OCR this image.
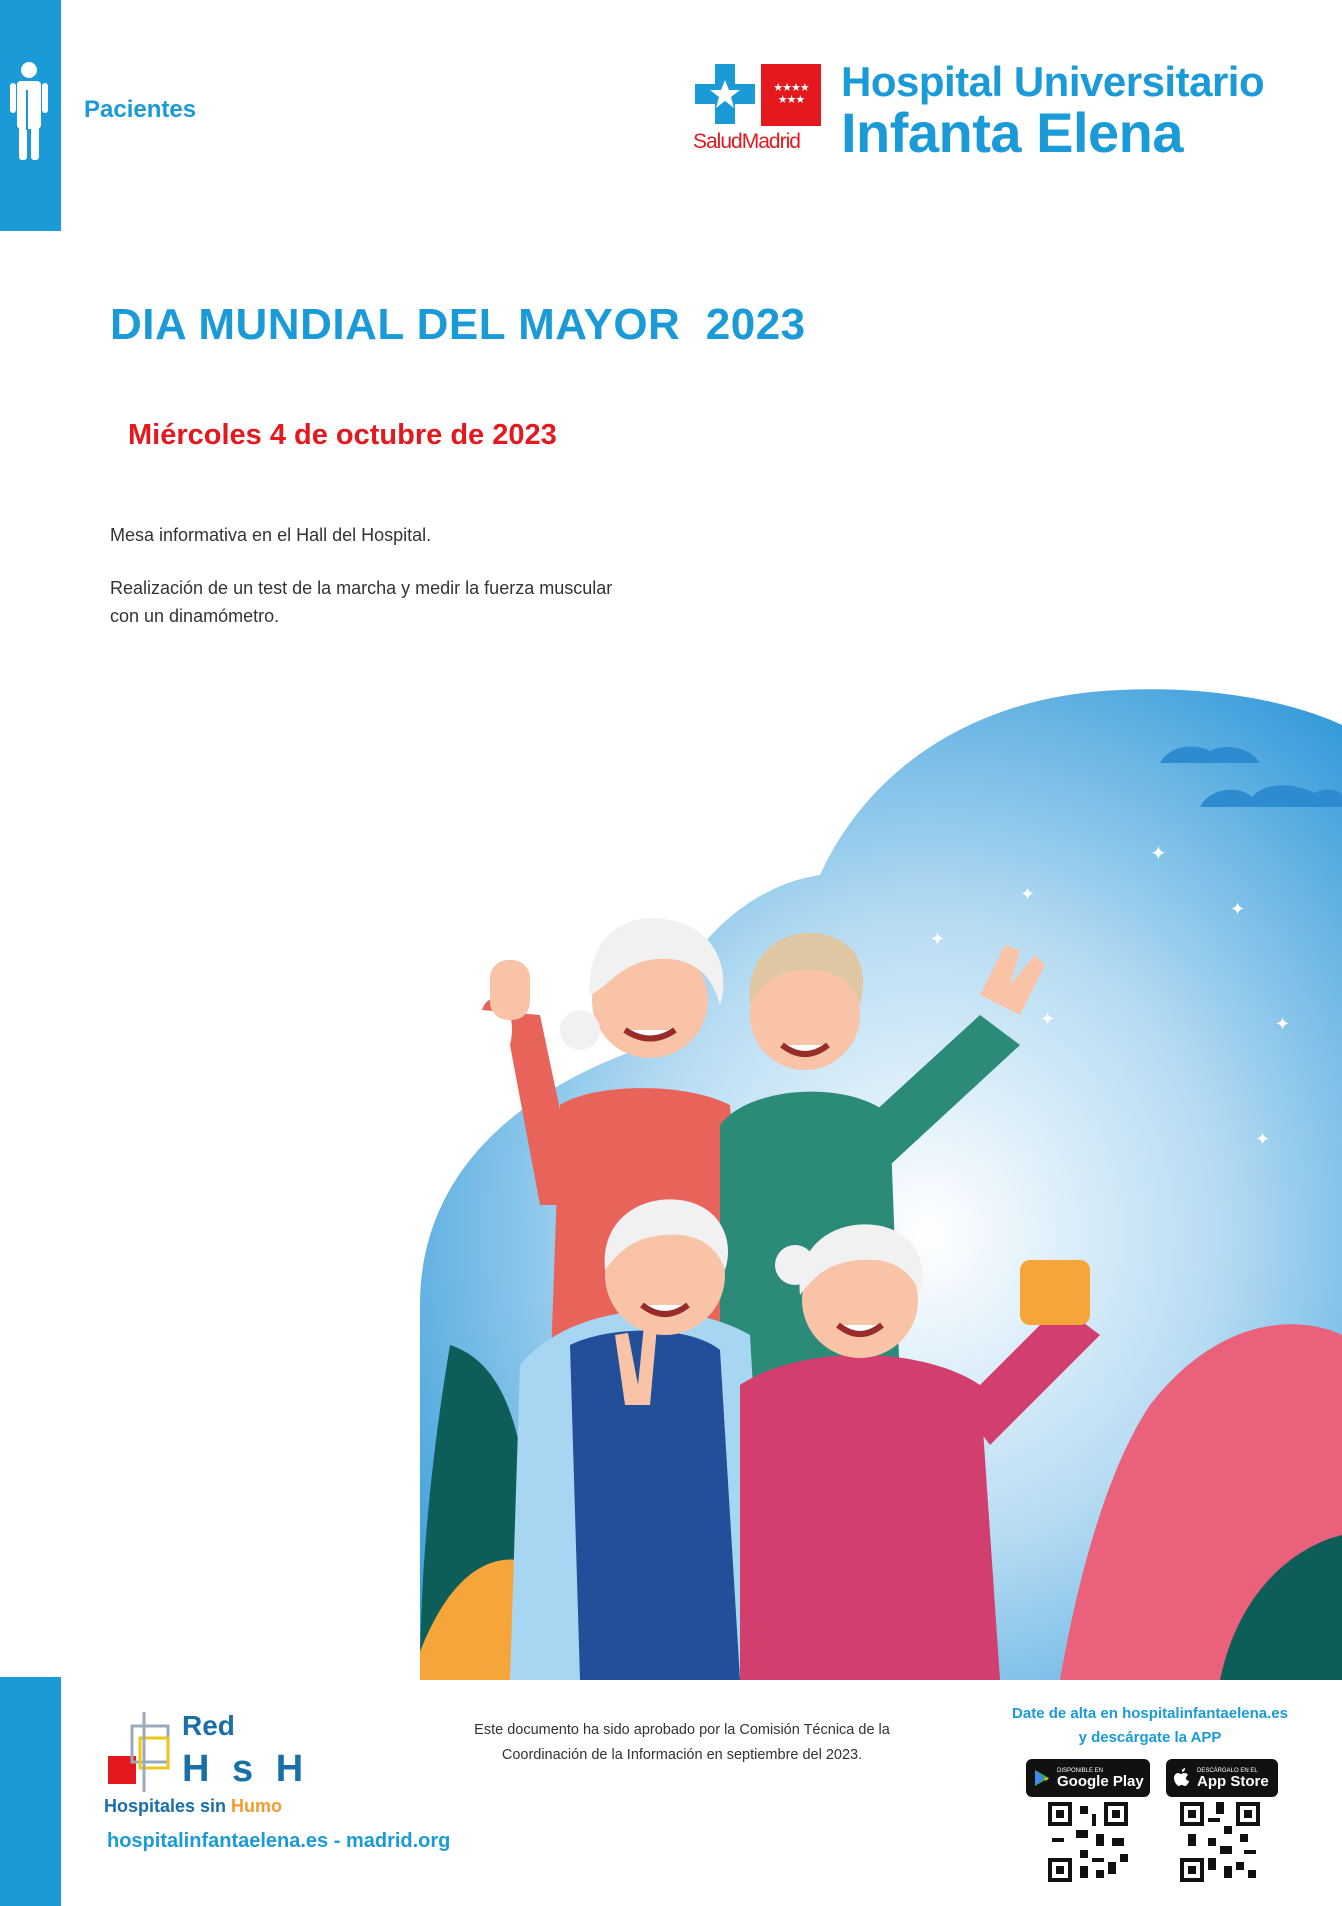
Pacientes
★★★★
★★★
SaludMadrid
Hospital Universitario
Infanta Elena
DIA MUNDIAL DEL MAYOR  2023
Miércoles 4 de octubre de 2023
Mesa informativa en el Hall del Hospital.
Realización de un test de la marcha y medir la fuerza muscular con un dinamómetro.
✦
✦
✦
✦
✦	✦
✦
Red
H s H
Hospitales sin Humo
hospitalinfantaelena.es - madrid.org
Este documento ha sido aprobado por la Comisión Técnica de la Coordinación de la Información en septiembre del 2023.
Date de alta en hospitalinfantaelena.es
y descárgate la APP
DISPONIBLE EN
Google Play
DESCÁRGALO EN EL
App Store
